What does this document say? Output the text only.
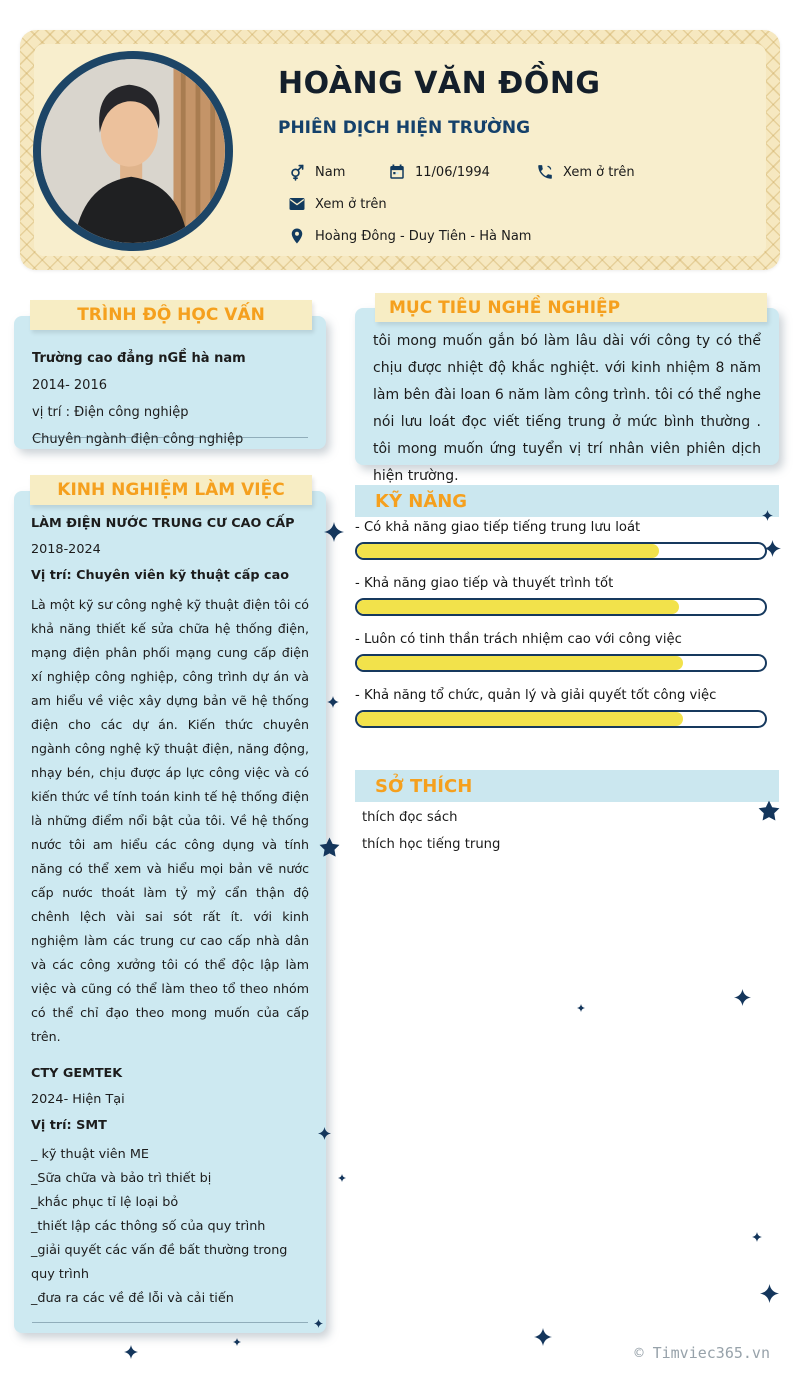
HOÀNG VĂN ĐỒNG
PHIÊN DỊCH HIỆN TRƯỜNG
Nam	11/06/1994	Xem ở trên
Xem ở trên
Hoàng Đông - Duy Tiên - Hà Nam

Trường cao đẳng nGỀ hà nam

2014- 2016

vị trí : Điện công nghiệp

Chuyên ngành điện công nghiệp

TRÌNH ĐỘ HỌC VẤN

LÀM ĐIỆN NƯỚC TRUNG CƯ CAO CẤP

2018-2024

Vị trí: Chuyên viên kỹ thuật cấp cao

Là một kỹ sư công nghệ kỹ thuật điện tôi có khả năng thiết kế sửa chữa hệ thống điện, mạng điện phân phối mạng cung cấp điện xí nghiệp công nghiệp, công trình dự án và am hiểu về việc xây dựng bản vẽ hệ thống điện cho các dự án. Kiến thức chuyên ngành công nghệ kỹ thuật điện, năng động, nhạy bén, chịu được áp lực công việc và có kiến thức về tính toán kinh tế hệ thống điện là những điểm nổi bật của tôi. Về hệ thống nước tôi am hiểu các công dụng và tính năng có thể xem và hiểu mọi bản vẽ nước cấp nước thoát làm tỷ mỷ cẩn thận độ chênh lệch vài sai sót rất ít. với kinh nghiệm làm các trung cư cao cấp nhà dân và các công xưởng tôi có thể độc lập làm việc và cũng có thể làm theo tổ theo nhóm có thể chỉ đạo theo mong muốn của cấp trên.

CTY GEMTEK

2024- Hiện Tại

Vị trí: SMT

_ kỹ thuật viên ME

_Sữa chữa và bảo trì thiết bị

_khắc phục tỉ lệ loại bỏ

_thiết lập các thông số của quy trình

_giải quyết các vấn đề bất thường trong quy trình

_đưa ra các về đề lỗi và cải tiến

KINH NGHIỆM LÀM VIỆC

tôi mong muốn gắn bó làm lâu dài với công ty có thể chịu được nhiệt độ khắc nghiệt. với kinh nhiệm 8 năm làm bên đài loan 6 năm làm công trình. tôi có thể nghe nói lưu loát đọc viết tiếng trung ở mức bình thường . tôi mong muốn ứng tuyển vị trí nhân viên phiên dịch hiện trường.

MỤC TIÊU NGHỀ NGHIỆP
KỸ NĂNG
- Có khả năng giao tiếp tiếng trung lưu loát
- Khả năng giao tiếp và thuyết trình tốt
- Luôn có tinh thần trách nhiệm cao với công việc
- Khả năng tổ chức, quản lý và giải quyết tốt công việc
SỞ THÍCH

thích đọc sách

thích học tiếng trung

© Timviec365.vn
